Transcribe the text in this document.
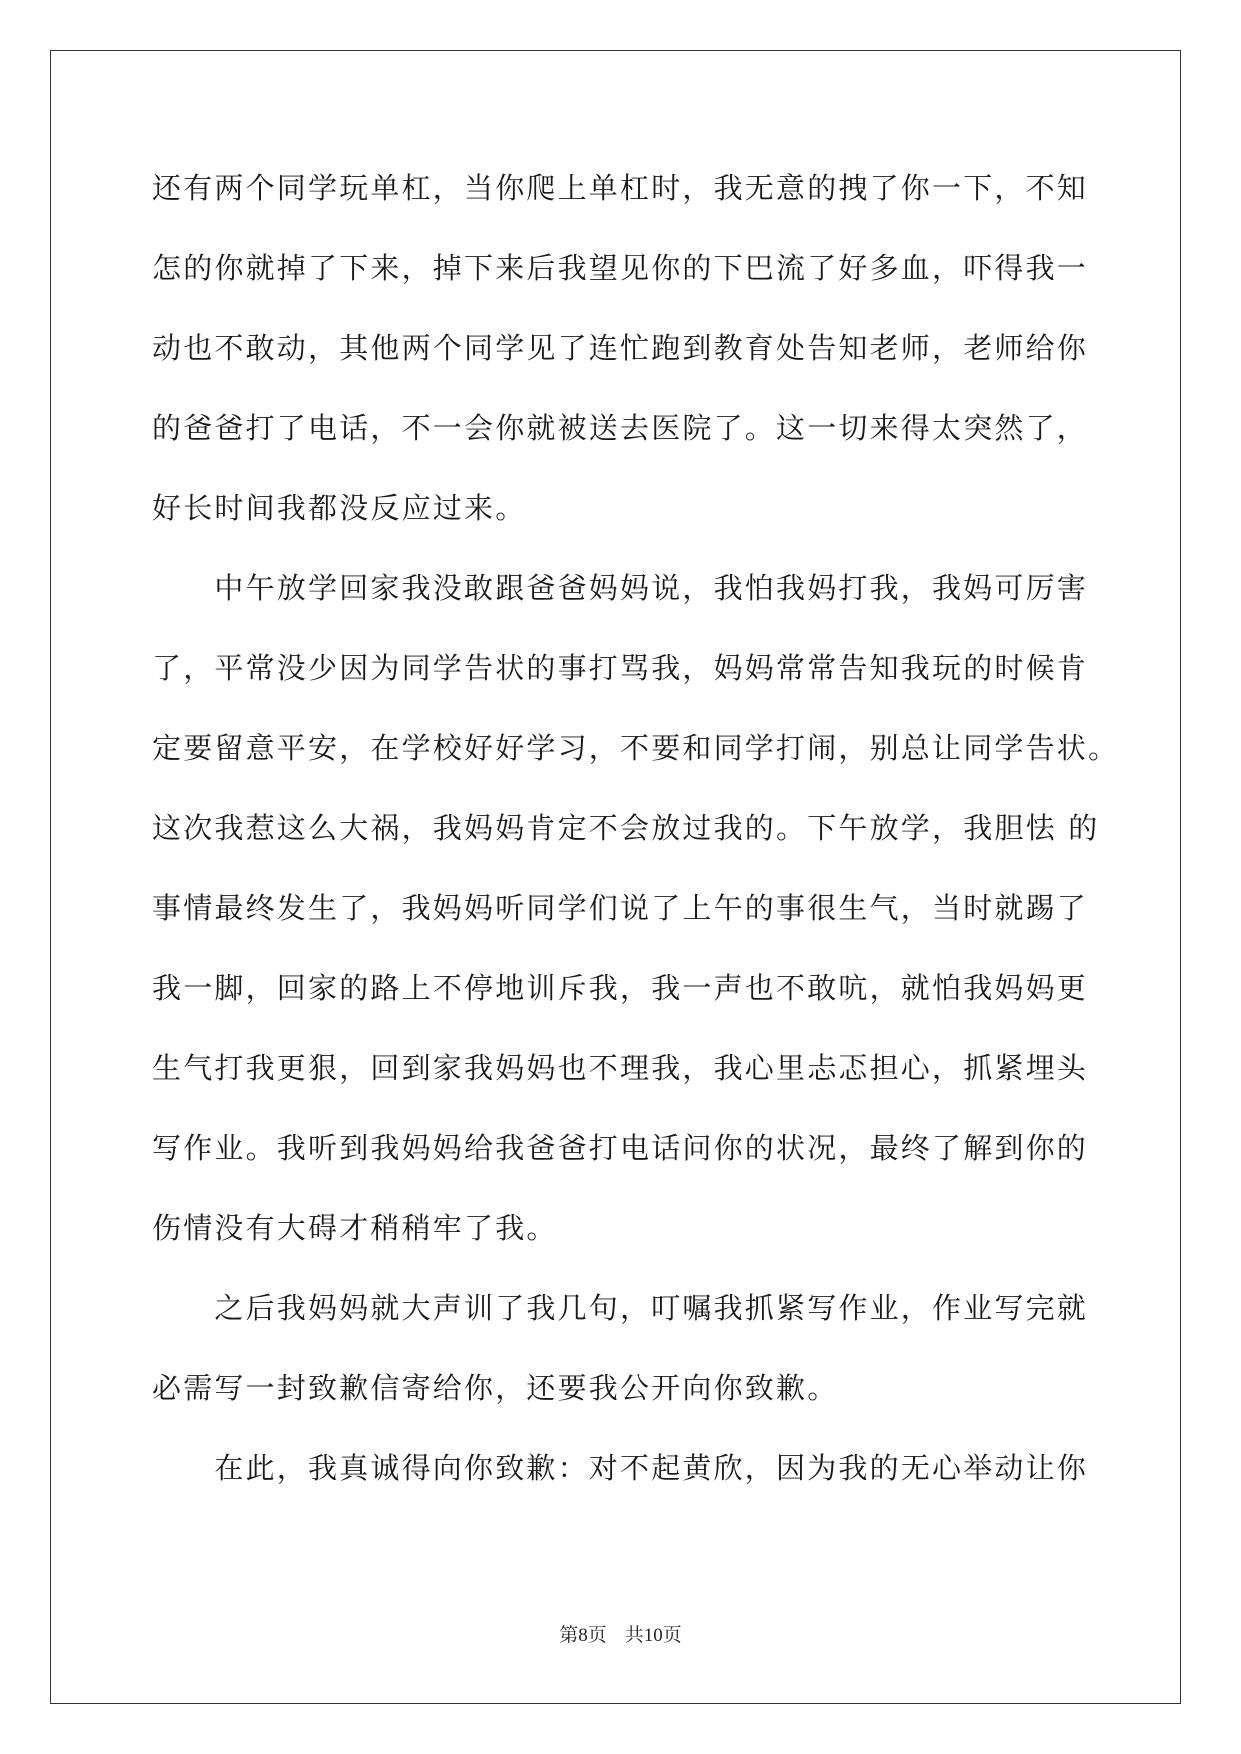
还有两个同学玩单杠，当你爬上单杠时，我无意的拽了你一下，不知
怎的你就掉了下来，掉下来后我望见你的下巴流了好多血，吓得我一
动也不敢动，其他两个同学见了连忙跑到教育处告知老师，老师给你
的爸爸打了电话，不一会你就被送去医院了。这一切来得太突然了，
好长时间我都没反应过来。
　　中午放学回家我没敢跟爸爸妈妈说，我怕我妈打我，我妈可厉害
了，平常没少因为同学告状的事打骂我，妈妈常常告知我玩的时候肯
定要留意平安，在学校好好学习，不要和同学打闹，别总让同学告状。
这次我惹这么大祸，我妈妈肯定不会放过我的。下午放学，我胆怯 的
事情最终发生了，我妈妈听同学们说了上午的事很生气，当时就踢了
我一脚，回家的路上不停地训斥我，我一声也不敢吭，就怕我妈妈更
生气打我更狠，回到家我妈妈也不理我，我心里忐忑担心，抓紧埋头
写作业。我听到我妈妈给我爸爸打电话问你的状况，最终了解到你的
伤情没有大碍才稍稍牢了我。
　　之后我妈妈就大声训了我几句，叮嘱我抓紧写作业，作业写完就
必需写一封致歉信寄给你，还要我公开向你致歉。
　　在此，我真诚得向你致歉：对不起黄欣，因为我的无心举动让你
第8页 共10页
